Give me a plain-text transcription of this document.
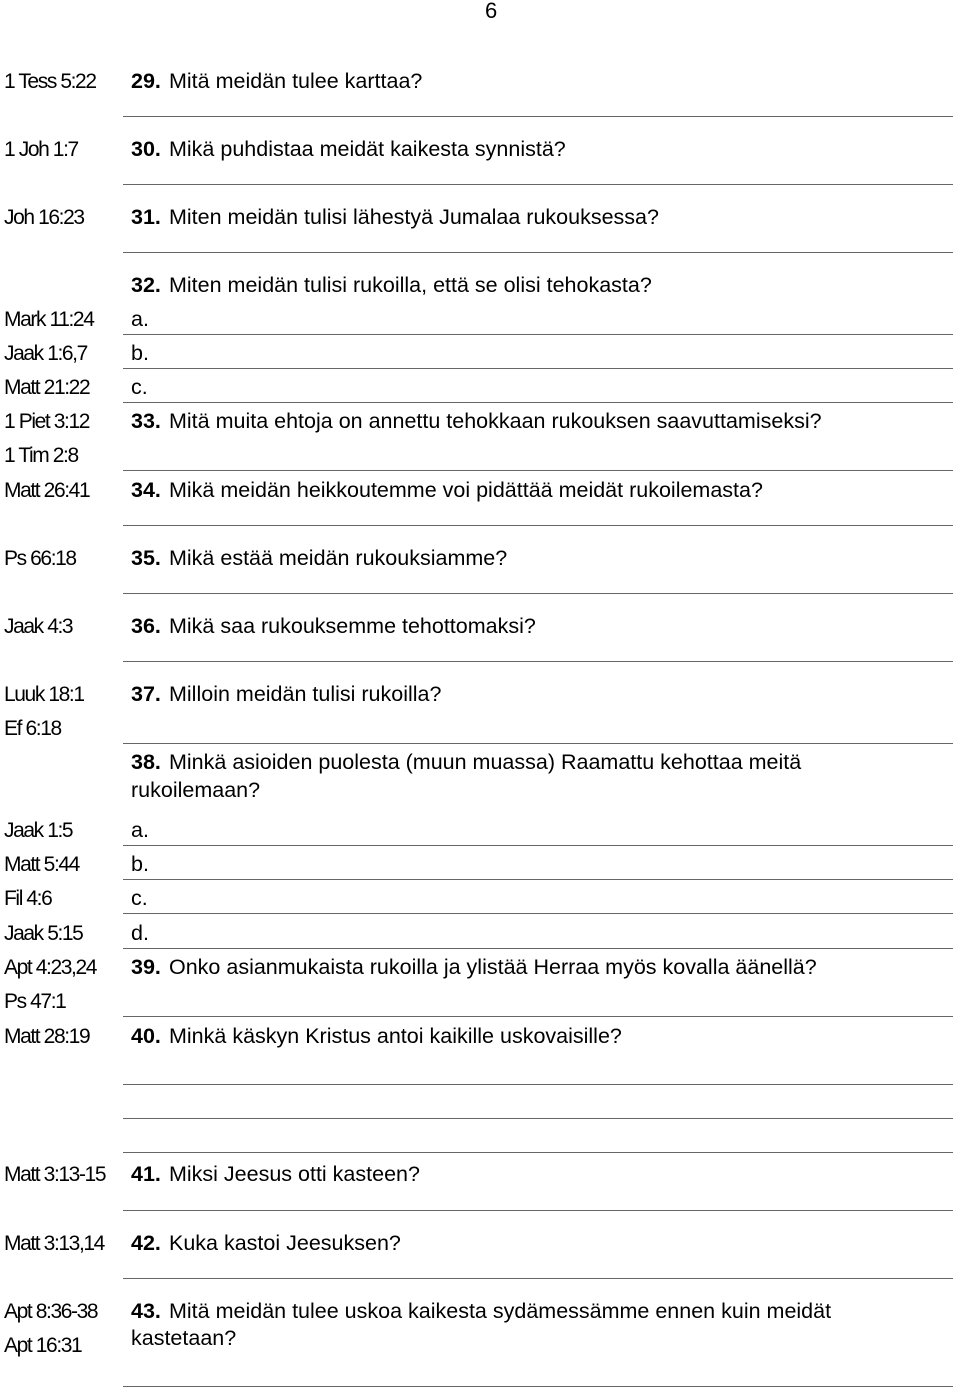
6
1 Tess 5:22
1 Joh 1:7
Joh 16:23
Mark 11:24
Jaak 1:6,7
Matt 21:22
1 Piet 3:12
1 Tim 2:8
Matt 26:41
Ps 66:18
Jaak 4:3
Luuk 18:1
Ef 6:18
Jaak 1:5
Matt 5:44
Fil 4:6
Jaak 5:15
Apt 4:23,24
Ps 47:1
Matt 28:19
Matt 3:13-15
Matt 3:13,14
Apt 8:36-38
Apt 16:31
29. Mitä meidän tulee karttaa?
30. Mikä puhdistaa meidät kaikesta synnistä?
31. Miten meidän tulisi lähestyä Jumalaa rukouksessa?
32. Miten meidän tulisi rukoilla, että se olisi tehokasta?
a.
b.
c.
33. Mitä muita ehtoja on annettu tehokkaan rukouksen saavuttamiseksi?
34. Mikä meidän heikkoutemme voi pidättää meidät rukoilemasta?
35. Mikä estää meidän rukouksiamme?
36. Mikä saa rukouksemme tehottomaksi?
37. Milloin meidän tulisi rukoilla?
38. Minkä asioiden puolesta (muun muassa) Raamattu kehottaa meitä
rukoilemaan?
a.
b.
c.
d.
39. Onko asianmukaista rukoilla ja ylistää Herraa myös kovalla äänellä?
40. Minkä käskyn Kristus antoi kaikille uskovaisille?
41. Miksi Jeesus otti kasteen?
42. Kuka kastoi Jeesuksen?
43. Mitä meidän tulee uskoa kaikesta sydämessämme ennen kuin meidät
kastetaan?
